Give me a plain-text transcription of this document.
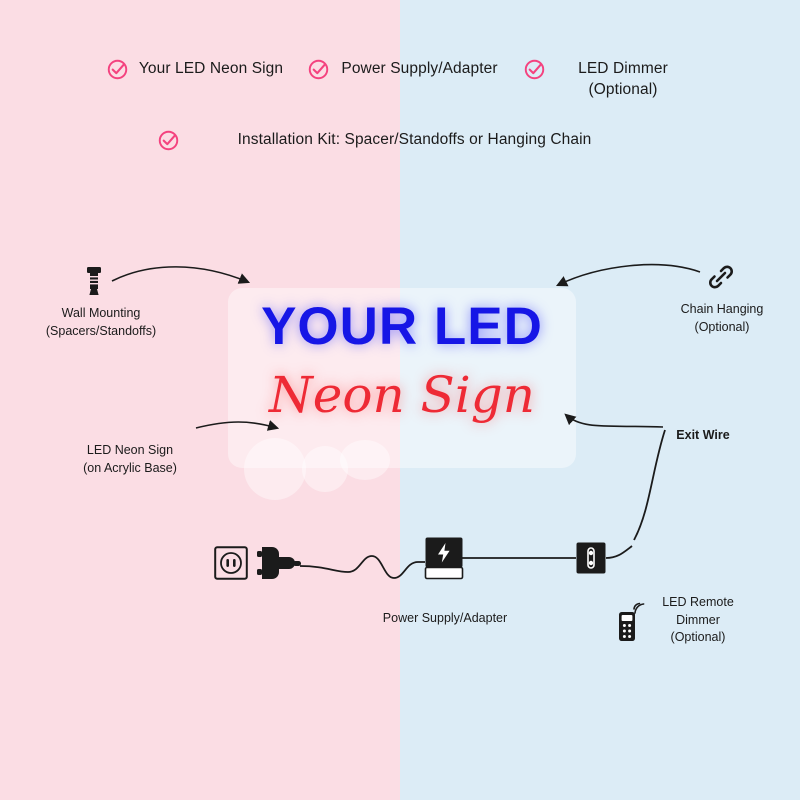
Your LED Neon Sign	Power Supply/Adapter	LED Dimmer (Optional)
Installation Kit: Spacer/Standoffs or Hanging Chain
YOUR LED
Neon Sign
Wall Mounting
(Spacers/Standoffs)
Chain Hanging
(Optional)
LED Neon Sign
(on Acrylic Base)
Exit Wire
Power Supply/Adapter
LED Remote
Dimmer
(Optional)
